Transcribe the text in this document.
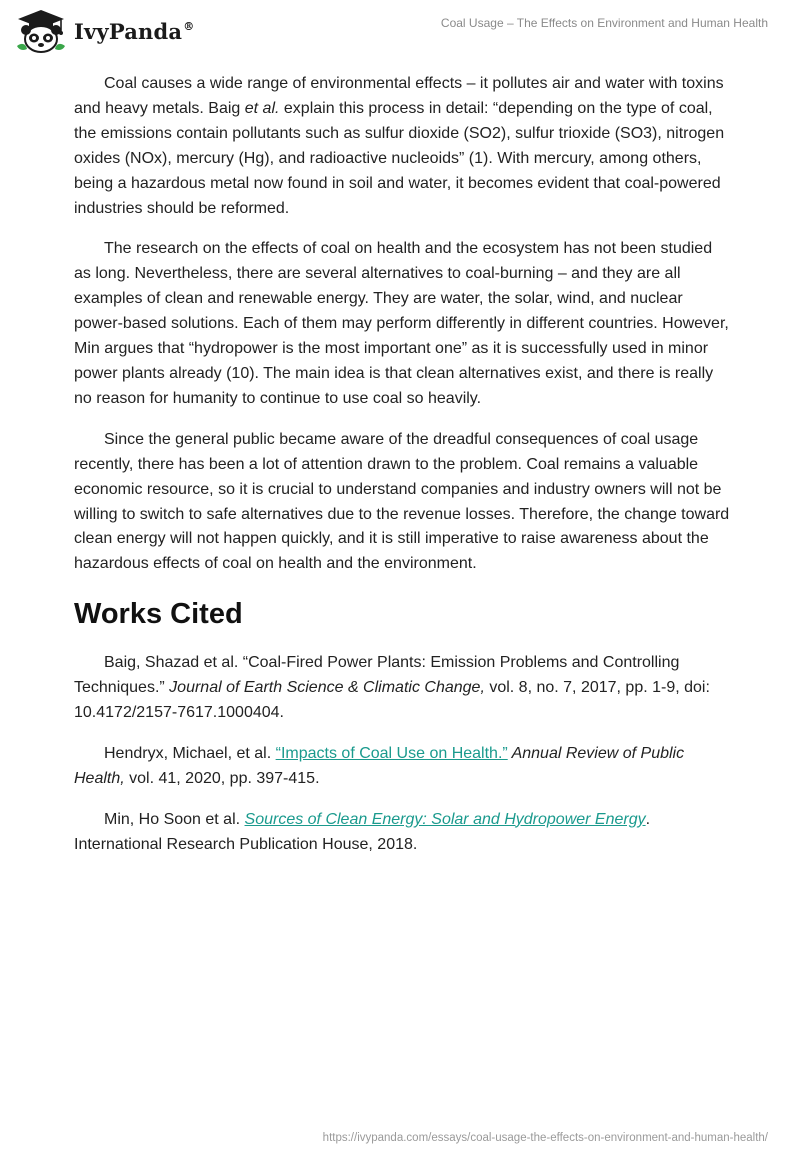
IvyPanda®	Coal Usage – The Effects on Environment and Human Health

Coal causes a wide range of environmental effects – it pollutes air and water with toxins and heavy metals. Baig et al. explain this process in detail: “depending on the type of coal, the emissions contain pollutants such as sulfur dioxide (SO2), sulfur trioxide (SO3), nitrogen oxides (NOx), mercury (Hg), and radioactive nucleoids” (1). With mercury, among others, being a hazardous metal now found in soil and water, it becomes evident that coal-powered industries should be reformed.

The research on the effects of coal on health and the ecosystem has not been studied as long. Nevertheless, there are several alternatives to coal-burning – and they are all examples of clean and renewable energy. They are water, the solar, wind, and nuclear power-based solutions. Each of them may perform differently in different countries. However, Min argues that “hydropower is the most important one” as it is successfully used in minor power plants already (10). The main idea is that clean alternatives exist, and there is really no reason for humanity to continue to use coal so heavily.

Since the general public became aware of the dreadful consequences of coal usage recently, there has been a lot of attention drawn to the problem. Coal remains a valuable economic resource, so it is crucial to understand companies and industry owners will not be willing to switch to safe alternatives due to the revenue losses. Therefore, the change toward clean energy will not happen quickly, and it is still imperative to raise awareness about the hazardous effects of coal on health and the environment.

Works Cited

Baig, Shazad et al. “Coal-Fired Power Plants: Emission Problems and Controlling Techniques.” Journal of Earth Science & Climatic Change, vol. 8, no. 7, 2017, pp. 1-9, doi: 10.4172/2157-7617.1000404.

Hendryx, Michael, et al. “Impacts of Coal Use on Health.” Annual Review of Public Health, vol. 41, 2020, pp. 397-415.

Min, Ho Soon et al. Sources of Clean Energy: Solar and Hydropower Energy. International Research Publication House, 2018.

https://ivypanda.com/essays/coal-usage-the-effects-on-environment-and-human-health/
